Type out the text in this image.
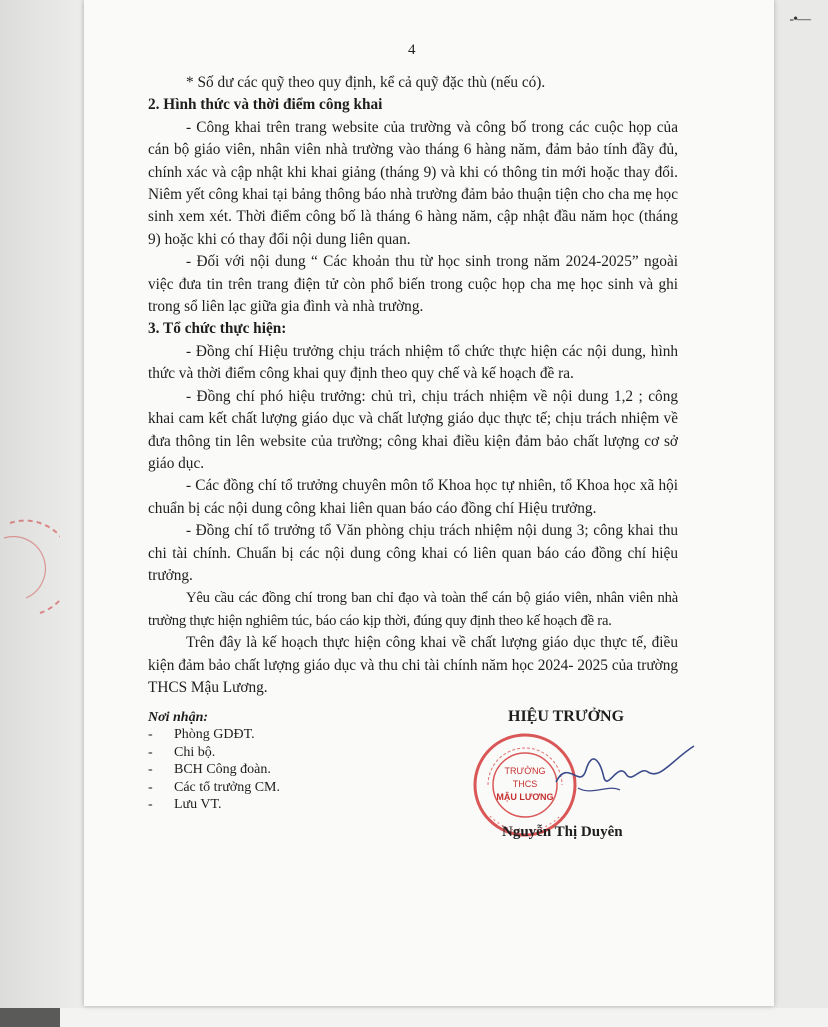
-•—
4

* Số dư các quỹ theo quy định, kể cả quỹ đặc thù (nếu có).

2. Hình thức và thời điểm công khai

- Công khai trên trang website của trường và công bố trong các cuộc họp của cán bộ giáo viên, nhân viên nhà trường vào tháng 6 hàng năm, đảm bảo tính đầy đủ, chính xác và cập nhật khi khai giảng (tháng 9) và khi có thông tin mới hoặc thay đổi. Niêm yết công khai tại bảng thông báo nhà trường đảm bảo thuận tiện cho cha mẹ học sinh xem xét. Thời điểm công bố là tháng 6 hàng năm, cập nhật đầu năm học (tháng 9) hoặc khi có thay đổi nội dung liên quan.

- Đối với nội dung “ Các khoản thu từ học sinh trong năm 2024-2025” ngoài việc đưa tin trên trang điện tử còn phổ biến trong cuộc họp cha mẹ học sinh và ghi trong sổ liên lạc giữa gia đình và nhà trường.

3. Tổ chức thực hiện:

- Đồng chí Hiệu trưởng chịu trách nhiệm tổ chức thực hiện các nội dung, hình thức và thời điểm công khai quy định theo quy chế và kế hoạch đề ra.

- Đồng chí phó hiệu trưởng: chủ trì, chịu trách nhiệm về nội dung 1,2 ; công khai cam kết chất lượng giáo dục và chất lượng giáo dục thực tế; chịu trách nhiệm về đưa thông tin lên website của trường; công khai điều kiện đảm bảo chất lượng cơ sở giáo dục.

- Các đồng chí tổ trưởng chuyên môn tổ Khoa học tự nhiên, tổ Khoa học xã hội chuẩn bị các nội dung công khai liên quan báo cáo đồng chí Hiệu trưởng.

- Đồng chí tổ trưởng tổ Văn phòng chịu trách nhiệm nội dung 3; công khai thu chi tài chính. Chuẩn bị các nội dung công khai có liên quan báo cáo đồng chí hiệu trưởng.

Yêu cầu các đồng chí trong ban chỉ đạo và toàn thể cán bộ giáo viên, nhân viên nhà trường thực hiện nghiêm túc, báo cáo kịp thời, đúng quy định theo kế hoạch đề ra.

Trên đây là kế hoạch thực hiện công khai về chất lượng giáo dục thực tế, điều kiện đảm bảo chất lượng giáo dục và thu chi tài chính năm học 2024- 2025 của trường THCS Mậu Lương.

Nơi nhận:
- Phòng GDĐT.
- Chi bộ.
- BCH Công đoàn.
- Các tổ trưởng CM.
- Lưu VT.
HIỆU TRƯỞNG
TRƯỜNG
THCS
MẬU LƯƠNG
Nguyễn Thị Duyên
